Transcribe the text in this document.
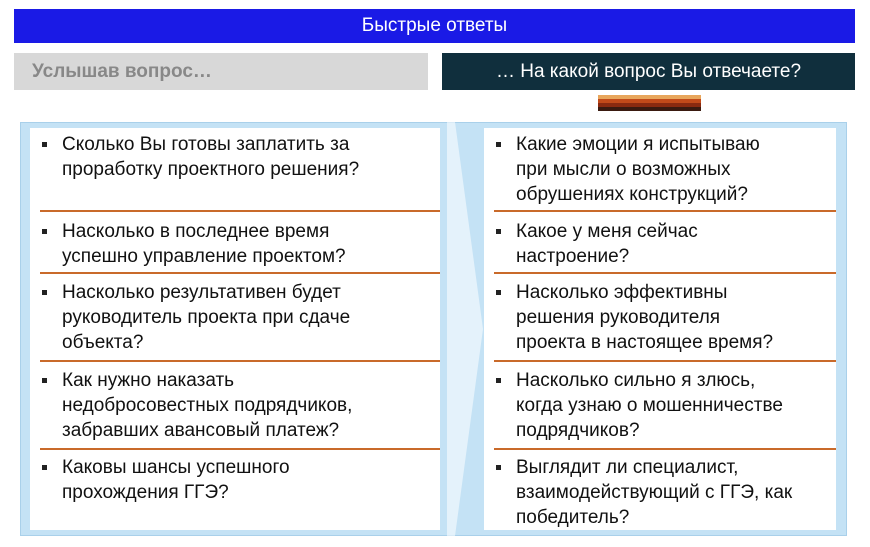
Быстрые ответы
Услышав вопрос…	… На какой вопрос Вы отвечаете?
Сколько Вы готовы заплатить за
проработку проектного решения?
Насколько в последнее время
успешно управление проектом?
Насколько результативен будет
руководитель проекта при сдаче
объекта?
Как нужно наказать
недобросовестных подрядчиков,
забравших авансовый платеж?
Каковы шансы успешного
прохождения ГГЭ?
Какие эмоции я испытываю
при мысли о возможных
обрушениях конструкций?
Какое у меня сейчас
настроение?
Насколько эффективны
решения руководителя
проекта в настоящее время?
Насколько сильно я злюсь,
когда узнаю о мошенничестве
подрядчиков?
Выглядит ли специалист,
взаимодействующий с ГГЭ, как
победитель?
